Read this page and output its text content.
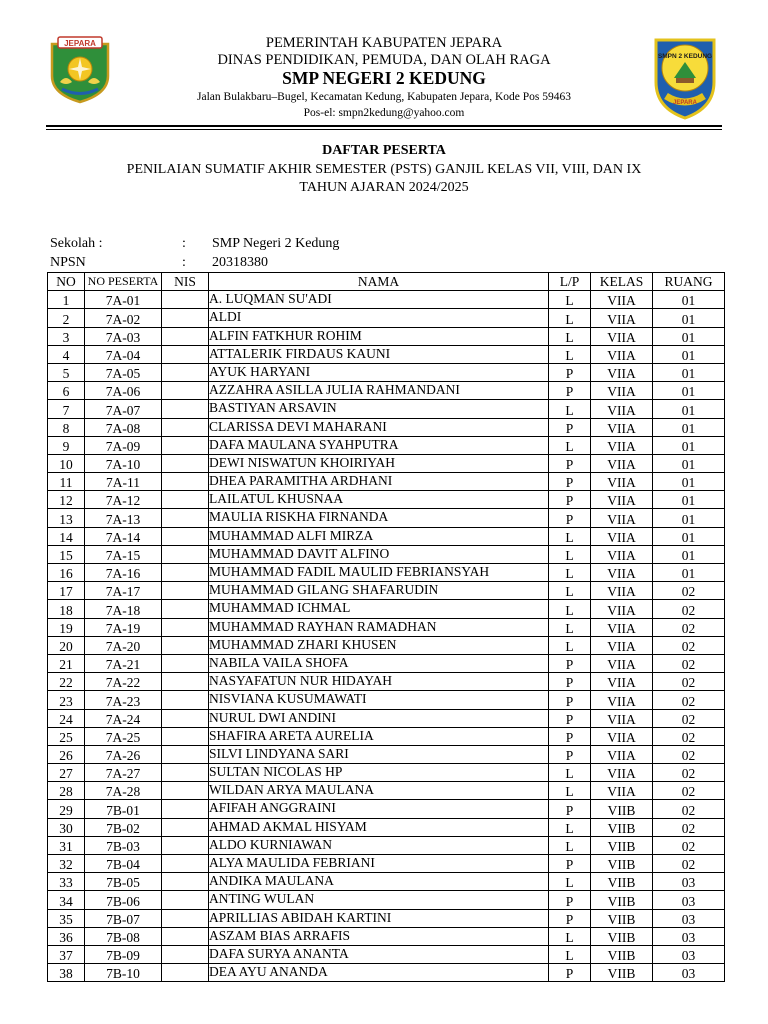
JEPARA	PEMERINTAH KABUPATEN JEPARA
DINAS PENDIDIKAN, PEMUDA, DAN OLAH RAGA
SMP NEGERI 2 KEDUNG
Jalan Bulakbaru–Bugel, Kecamatan Kedung, Kabupaten Jepara, Kode Pos 59463
Pos-el: smpn2kedung@yahoo.com
SMPN 2 KEDUNG
JEPARA
DAFTAR PESERTA
PENILAIAN SUMATIF AKHIR SEMESTER (PSTS) GANJIL KELAS VII, VIII, DAN IX
TAHUN AJARAN 2024/2025
Sekolah :	: SMP Negeri 2 Kedung
NPSN	: 20318380
NO	NO PESERTA	NIS	NAMA	L/P	KELAS	RUANG
1	7A-01		A. LUQMAN SU'ADI	L	VIIA	01
2	7A-02		ALDI	L	VIIA	01
3	7A-03		ALFIN FATKHUR ROHIM	L	VIIA	01
4	7A-04		ATTALERIK FIRDAUS KAUNI	L	VIIA	01
5	7A-05		AYUK HARYANI	P	VIIA	01
6	7A-06		AZZAHRA ASILLA JULIA RAHMANDANI	P	VIIA	01
7	7A-07		BASTIYAN ARSAVIN	L	VIIA	01
8	7A-08		CLARISSA DEVI MAHARANI	P	VIIA	01
9	7A-09		DAFA MAULANA SYAHPUTRA	L	VIIA	01
10	7A-10		DEWI NISWATUN KHOIRIYAH	P	VIIA	01
11	7A-11		DHEA PARAMITHA ARDHANI	P	VIIA	01
12	7A-12		LAILATUL KHUSNAA	P	VIIA	01
13	7A-13		MAULIA RISKHA FIRNANDA	P	VIIA	01
14	7A-14		MUHAMMAD ALFI MIRZA	L	VIIA	01
15	7A-15		MUHAMMAD DAVIT ALFINO	L	VIIA	01
16	7A-16		MUHAMMAD FADIL MAULID FEBRIANSYAH	L	VIIA	01
17	7A-17		MUHAMMAD GILANG SHAFARUDIN	L	VIIA	02
18	7A-18		MUHAMMAD ICHMAL	L	VIIA	02
19	7A-19		MUHAMMAD RAYHAN RAMADHAN	L	VIIA	02
20	7A-20		MUHAMMAD ZHARI KHUSEN	L	VIIA	02
21	7A-21		NABILA VAILA SHOFA	P	VIIA	02
22	7A-22		NASYAFATUN NUR HIDAYAH	P	VIIA	02
23	7A-23		NISVIANA KUSUMAWATI	P	VIIA	02
24	7A-24		NURUL DWI ANDINI	P	VIIA	02
25	7A-25		SHAFIRA ARETA AURELIA	P	VIIA	02
26	7A-26		SILVI LINDYANA SARI	P	VIIA	02
27	7A-27		SULTAN NICOLAS HP	L	VIIA	02
28	7A-28		WILDAN ARYA MAULANA	L	VIIA	02
29	7B-01		AFIFAH ANGGRAINI	P	VIIB	02
30	7B-02		AHMAD AKMAL HISYAM	L	VIIB	02
31	7B-03		ALDO KURNIAWAN	L	VIIB	02
32	7B-04		ALYA MAULIDA FEBRIANI	P	VIIB	02
33	7B-05		ANDIKA MAULANA	L	VIIB	03
34	7B-06		ANTING WULAN	P	VIIB	03
35	7B-07		APRILLIAS ABIDAH KARTINI	P	VIIB	03
36	7B-08		ASZAM BIAS ARRAFIS	L	VIIB	03
37	7B-09		DAFA SURYA ANANTA	L	VIIB	03
38	7B-10		DEA AYU ANANDA	P	VIIB	03
